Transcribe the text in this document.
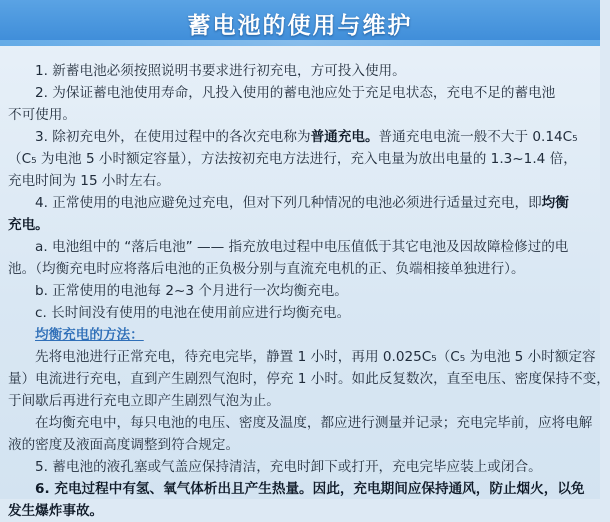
蓄电池的使用与维护
1. 新蓄电池必须按照说明书要求进行初充电，方可投入使用。
2. 为保证蓄电池使用寿命，凡投入使用的蓄电池应处于充足电状态，充电不足的蓄电池
不可使用。
3. 除初充电外，在使用过程中的各次充电称为普通充电。普通充电电流一般不大于 0.14C₅
（C₅ 为电池 5 小时额定容量），方法按初充电方法进行，充入电量为放出电量的 1.3~1.4 倍，
充电时间为 15 小时左右。
4. 正常使用的电池应避免过充电，但对下列几种情况的电池必须进行适量过充电，即均衡
充电。
a. 电池组中的 “落后电池” —— 指充放电过程中电压值低于其它电池及因故障检修过的电
池。（均衡充电时应将落后电池的正负极分别与直流充电机的正、负端相接单独进行）。
b. 正常使用的电池每 2~3 个月进行一次均衡充电。
c. 长时间没有使用的电池在使用前应进行均衡充电。
均衡充电的方法：
先将电池进行正常充电，待充电完毕，静置 1 小时，再用 0.025C₅（C₅ 为电池 5 小时额定容
量）电流进行充电，直到产生剧烈气泡时，停充 1 小时。如此反复数次，直至电压、密度保持不变，
于间歇后再进行充电立即产生剧烈气泡为止。
在均衡充电中，每只电池的电压、密度及温度，都应进行测量并记录；充电完毕前，应将电解
液的密度及液面高度调整到符合规定。
5. 蓄电池的液孔塞或气盖应保持清洁，充电时卸下或打开，充电完毕应装上或闭合。
6. 充电过程中有氢、氧气体析出且产生热量。因此，充电期间应保持通风，防止烟火，以免
发生爆炸事故。
